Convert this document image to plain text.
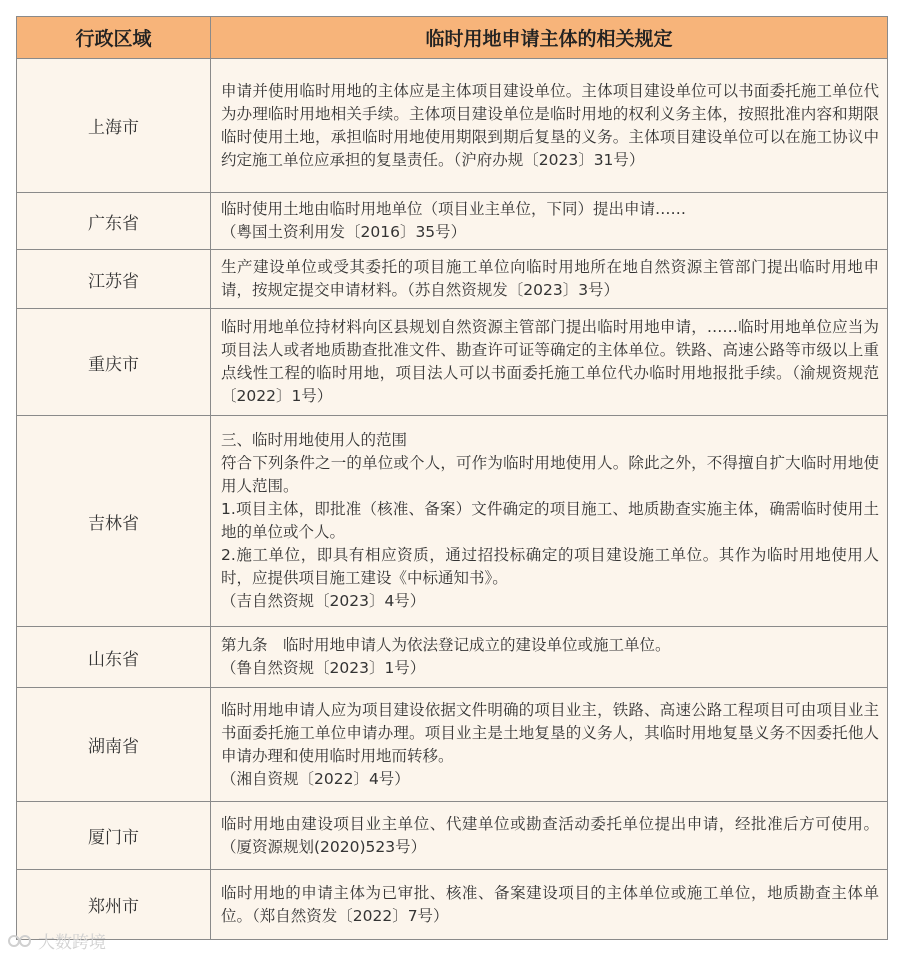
行政区域	临时用地申请主体的相关规定
上海市	申请并使用临时用地的主体应是主体项目建设单位。主体项目建设单位可以书面委托施工单位代为办理临时用地相关手续。主体项目建设单位是临时用地的权利义务主体，按照批准内容和期限临时使用土地，承担临时用地使用期限到期后复垦的义务。主体项目建设单位可以在施工协议中约定施工单位应承担的复垦责任。（沪府办规〔2023〕31号）

广东省	临时使用土地由临时用地单位（项目业主单位，下同）提出申请……

（粤国土资利用发〔2016〕35号）

江苏省	生产建设单位或受其委托的项目施工单位向临时用地所在地自然资源主管部门提出临时用地申请，按规定提交申请材料。（苏自然资规发〔2023〕3号）

重庆市	临时用地单位持材料向区县规划自然资源主管部门提出临时用地申请，……临时用地单位应当为项目法人或者地质勘查批准文件、勘查许可证等确定的主体单位。铁路、高速公路等市级以上重点线性工程的临时用地，项目法人可以书面委托施工单位代办临时用地报批手续。（渝规资规范〔2022〕1号）

吉林省	三、临时用地使用人的范围

符合下列条件之一的单位或个人，可作为临时用地使用人。除此之外，不得擅自扩大临时用地使用人范围。

1.项目主体，即批准（核准、备案）文件确定的项目施工、地质勘查实施主体，确需临时使用土地的单位或个人。

2.施工单位，即具有相应资质，通过招投标确定的项目建设施工单位。其作为临时用地使用人时，应提供项目施工建设《中标通知书》。

（吉自然资规〔2023〕4号）

山东省	第九条　临时用地申请人为依法登记成立的建设单位或施工单位。

（鲁自然资规〔2023〕1号）

湖南省	临时用地申请人应为项目建设依据文件明确的项目业主，铁路、高速公路工程项目可由项目业主书面委托施工单位申请办理。项目业主是土地复垦的义务人，其临时用地复垦义务不因委托他人申请办理和使用临时用地而转移。

（湘自资规〔2022〕4号）

厦门市	临时用地由建设项目业主单位、代建单位或勘查活动委托单位提出申请，经批准后方可使用。（厦资源规划(2020)523号）

郑州市	临时用地的申请主体为已审批、核准、备案建设项目的主体单位或施工单位，地质勘查主体单位。（郑自然资发〔2022〕7号）

大数跨境
